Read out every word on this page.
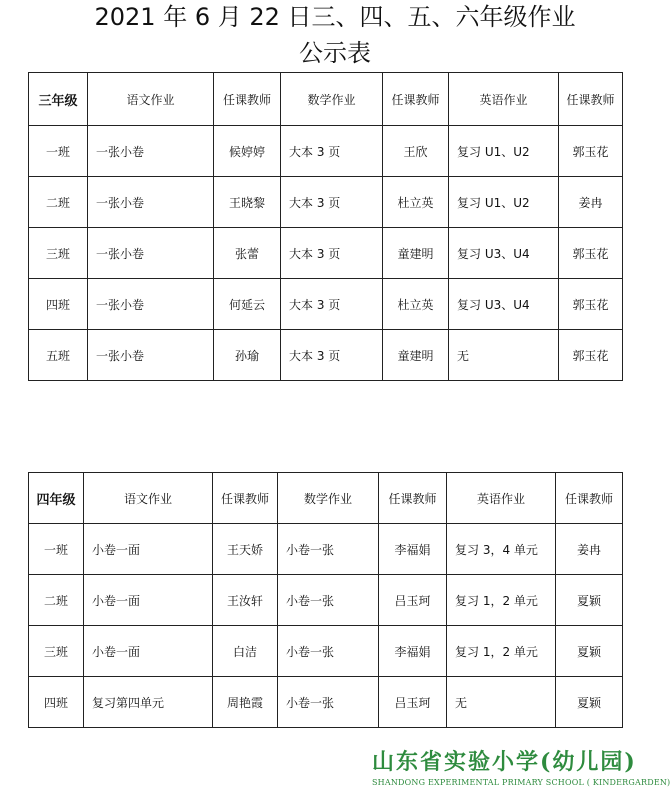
2021 年 6 月 22 日三、四、五、六年级作业
公示表
三年级	语文作业	任课教师	数学作业	任课教师	英语作业	任课教师
一班	一张小卷	候婷婷	大本 3 页	王欣	复习 U1、U2	郭玉花
二班	一张小卷	王晓黎	大本 3 页	杜立英	复习 U1、U2	姜冉
三班	一张小卷	张蕾	大本 3 页	童建明	复习 U3、U4	郭玉花
四班	一张小卷	何延云	大本 3 页	杜立英	复习 U3、U4	郭玉花
五班	一张小卷	孙瑜	大本 3 页	童建明	无	郭玉花
四年级	语文作业	任课教师	数学作业	任课教师	英语作业	任课教师
一班	小卷一面	王天娇	小卷一张	李福娟	复习 3，4 单元	姜冉
二班	小卷一面	王汝轩	小卷一张	吕玉珂	复习 1，2 单元	夏颖
三班	小卷一面	白洁	小卷一张	李福娟	复习 1，2 单元	夏颖
四班	复习第四单元	周艳霞	小卷一张	吕玉珂	无	夏颖
山东省实验小学(幼儿园)
SHANDONG EXPERIMENTAL PRIMARY SCHOOL ( KINDERGARDEN)
